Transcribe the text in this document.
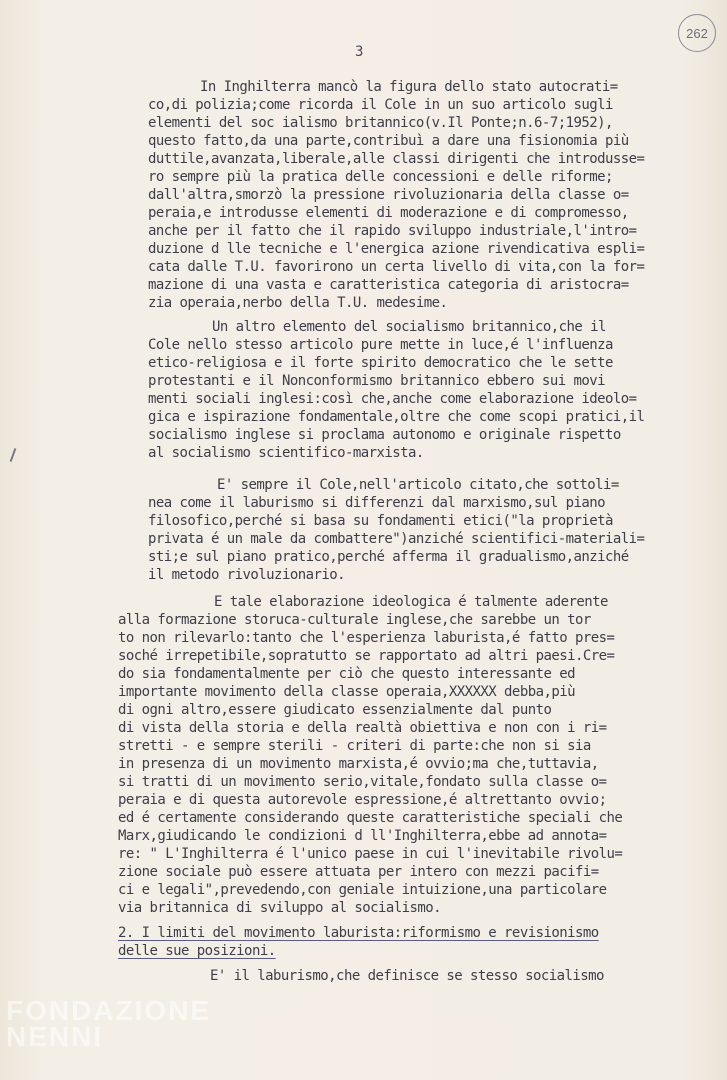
262
3
In Inghilterra mancò la figura dello stato autocrati=
co,di polizia;come ricorda il Cole in un suo articolo sugli
elementi del soc ialismo britannico(v.Il Ponte;n.6-7;1952),
questo fatto,da una parte,contribuì a dare una fisionomia più
duttile,avanzata,liberale,alle classi dirigenti che introdusse=
ro sempre più la pratica delle concessioni e delle riforme;
dall'altra,smorzò la pressione rivoluzionaria della classe o=
peraia,e introdusse elementi di moderazione e di compromesso,
anche per il fatto che il rapido sviluppo industriale,l'intro=
duzione d lle tecniche e l'energica azione rivendicativa espli=
cata dalle T.U. favorirono un certa livello di vita,con la for=
mazione di una vasta e caratteristica categoria di aristocra=
zia operaia,nerbo della T.U. medesime.
Un altro elemento del socialismo britannico,che il
Cole nello stesso articolo pure mette in luce,é l'influenza
etico-religiosa e il forte spirito democratico che le sette
protestanti e il Nonconformismo britannico ebbero sui movi
menti sociali inglesi:così che,anche come elaborazione ideolo=
gica e ispirazione fondamentale,oltre che come scopi pratici,il
socialismo inglese si proclama autonomo e originale rispetto
al socialismo scientifico-marxista.
E' sempre il Cole,nell'articolo citato,che sottoli=
nea come il laburismo si differenzi dal marxismo,sul piano
filosofico,perché si basa su fondamenti etici("la proprietà
privata é un male da combattere")anziché scientifici-materiali=
sti;e sul piano pratico,perché afferma il gradualismo,anziché
il metodo rivoluzionario.
E tale elaborazione ideologica é talmente aderente
alla formazione storuca-culturale inglese,che sarebbe un tor
to non rilevarlo:tanto che l'esperienza laburista,é fatto pres=
soché irrepetibile,sopratutto se rapportato ad altri paesi.Cre=
do sia fondamentalmente per ciò che questo interessante ed
importante movimento della classe operaia,XXXXXX debba,più
di ogni altro,essere giudicato essenzialmente dal punto
di vista della storia e della realtà obiettiva e non con i ri=
stretti - e sempre sterili - criteri di parte:che non si sia
in presenza di un movimento marxista,é ovvio;ma che,tuttavia,
si tratti di un movimento serio,vitale,fondato sulla classe o=
peraia e di questa autorevole espressione,é altrettanto ovvio;
ed é certamente considerando queste caratteristiche speciali che
Marx,giudicando le condizioni d ll'Inghilterra,ebbe ad annota=
re: " L'Inghilterra é l'unico paese in cui l'inevitabile rivolu=
zione sociale può essere attuata per intero con mezzi pacifi=
ci e legali",prevedendo,con geniale intuizione,una particolare
via britannica di sviluppo al socialismo.
2. I limiti del movimento laburista:riformismo e revisionismo
delle sue posizioni.
E' il laburismo,che definisce se stesso socialismo
FONDAZIONE
NENNI
